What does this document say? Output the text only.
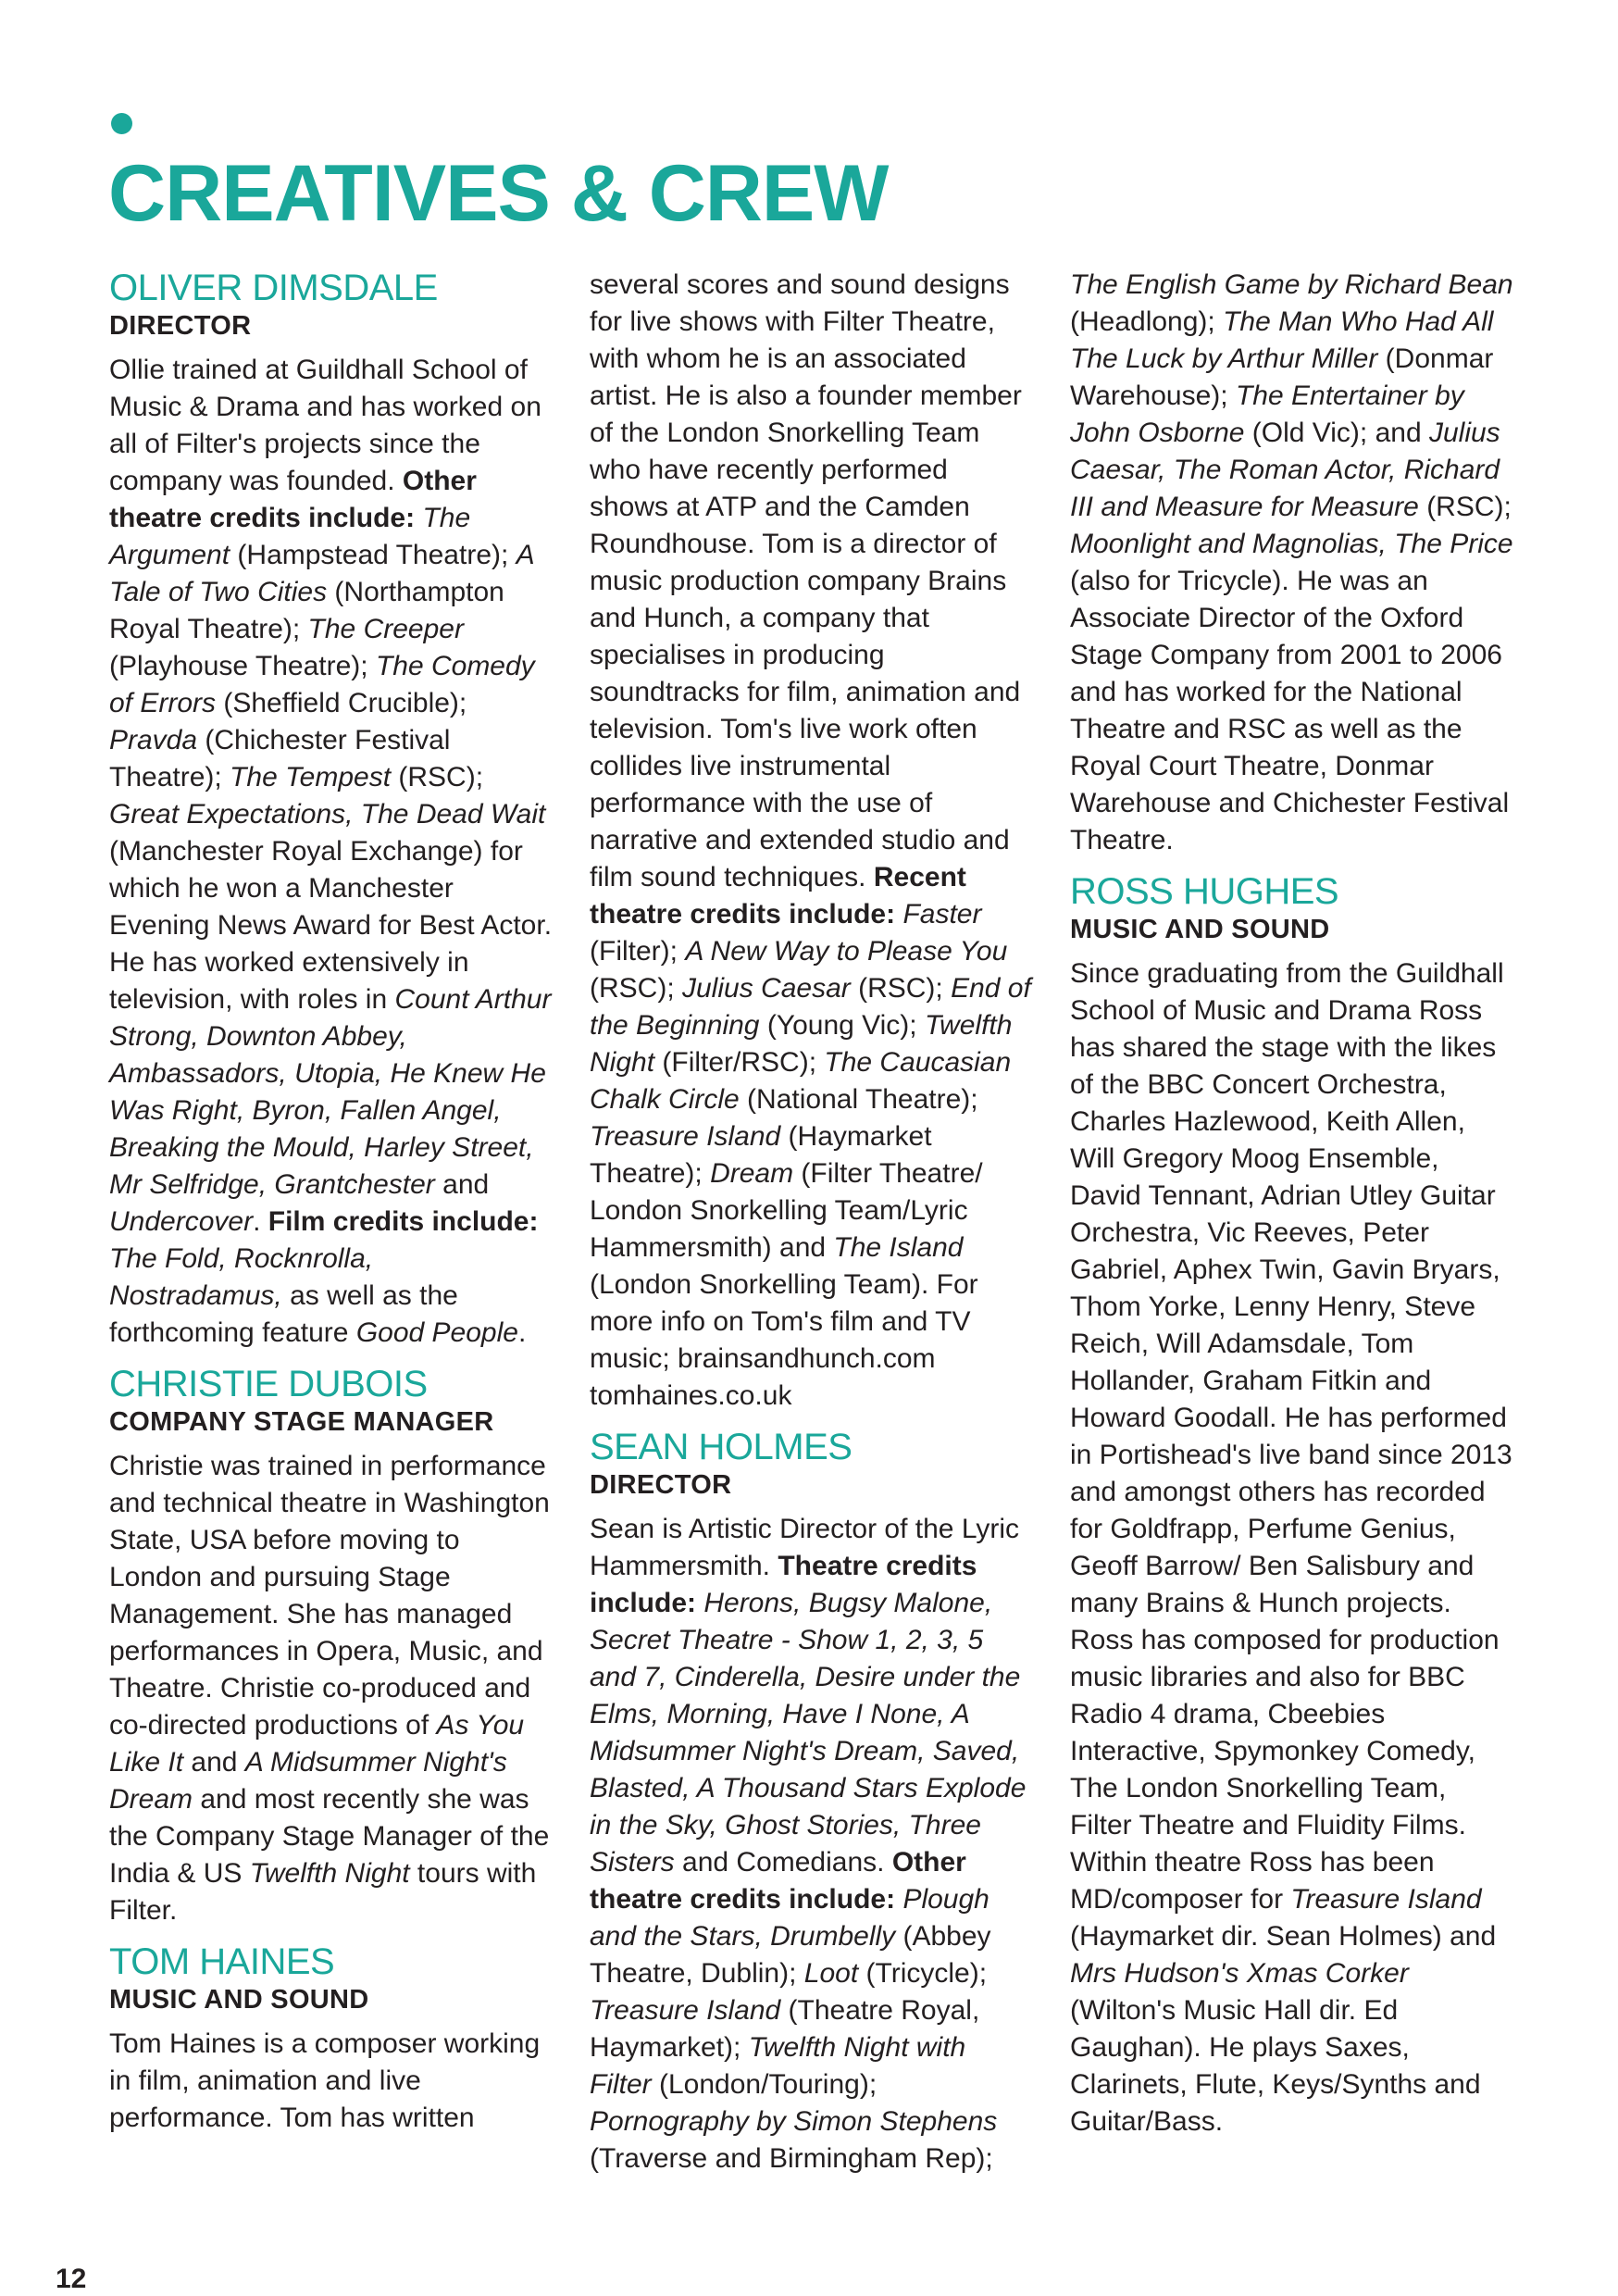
CREATIVES & CREW
OLIVER DIMSDALE
DIRECTOR

Ollie trained at Guildhall School of Music & Drama and has worked on all of Filter's projects since the company was founded. Other theatre credits include: The Argument (Hampstead Theatre); A Tale of Two Cities (Northampton Royal Theatre); The Creeper (Playhouse Theatre); The Comedy of Errors (Sheffield Crucible); Pravda (Chichester Festival Theatre); The Tempest (RSC); Great Expectations, The Dead Wait (Manchester Royal Exchange) for which he won a Manchester Evening News Award for Best Actor. He has worked extensively in television, with roles in Count Arthur Strong, Downton Abbey, Ambassadors, Utopia, He Knew He Was Right, Byron, Fallen Angel, Breaking the Mould, Harley Street, Mr Selfridge, Grantchester and Undercover. Film credits include: The Fold, Rocknrolla, Nostradamus, as well as the forthcoming feature Good People.

CHRISTIE DUBOIS
COMPANY STAGE MANAGER

Christie was trained in performance and technical theatre in Washington State, USA before moving to London and pursuing Stage Management. She has managed performances in Opera, Music, and Theatre. Christie co-produced and co-directed productions of As You Like It and A Midsummer Night's Dream and most recently she was the Company Stage Manager of the India & US Twelfth Night tours with Filter.

TOM HAINES
MUSIC AND SOUND

Tom Haines is a composer working in film, animation and live performance. Tom has written

several scores and sound designs for live shows with Filter Theatre, with whom he is an associated artist. He is also a founder member of the London Snorkelling Team who have recently performed shows at ATP and the Camden Roundhouse. Tom is a director of music production company Brains and Hunch, a company that specialises in producing soundtracks for film, animation and television. Tom's live work often collides live instrumental performance with the use of narrative and extended studio and film sound techniques. Recent theatre credits include: Faster (Filter); A New Way to Please You (RSC); Julius Caesar (RSC); End of the Beginning (Young Vic); Twelfth Night (Filter/RSC); The Caucasian Chalk Circle (National Theatre); Treasure Island (Haymarket Theatre); Dream (Filter Theatre/ London Snorkelling Team/Lyric Hammersmith) and The Island (London Snorkelling Team). For more info on Tom's film and TV music; brainsandhunch.com tomhaines.co.uk

SEAN HOLMES
DIRECTOR

Sean is Artistic Director of the Lyric Hammersmith. Theatre credits include: Herons, Bugsy Malone, Secret Theatre - Show 1, 2, 3, 5 and 7, Cinderella, Desire under the Elms, Morning, Have I None, A Midsummer Night's Dream, Saved, Blasted, A Thousand Stars Explode in the Sky, Ghost Stories, Three Sisters and Comedians. Other theatre credits include: Plough and the Stars, Drumbelly (Abbey Theatre, Dublin); Loot (Tricycle); Treasure Island (Theatre Royal, Haymarket); Twelfth Night with Filter (London/Touring); Pornography by Simon Stephens (Traverse and Birmingham Rep);

The English Game by Richard Bean (Headlong); The Man Who Had All The Luck by Arthur Miller (Donmar Warehouse); The Entertainer by John Osborne (Old Vic); and Julius Caesar, The Roman Actor, Richard III and Measure for Measure (RSC); Moonlight and Magnolias, The Price (also for Tricycle). He was an Associate Director of the Oxford Stage Company from 2001 to 2006 and has worked for the National Theatre and RSC as well as the Royal Court Theatre, Donmar Warehouse and Chichester Festival Theatre.

ROSS HUGHES
MUSIC AND SOUND

Since graduating from the Guildhall School of Music and Drama Ross has shared the stage with the likes of the BBC Concert Orchestra, Charles Hazlewood, Keith Allen, Will Gregory Moog Ensemble, David Tennant, Adrian Utley Guitar Orchestra, Vic Reeves, Peter Gabriel, Aphex Twin, Gavin Bryars, Thom Yorke, Lenny Henry, Steve Reich, Will Adamsdale, Tom Hollander, Graham Fitkin and Howard Goodall. He has performed in Portishead's live band since 2013 and amongst others has recorded for Goldfrapp, Perfume Genius, Geoff Barrow/ Ben Salisbury and many Brains & Hunch projects. Ross has composed for production music libraries and also for BBC Radio 4 drama, Cbeebies Interactive, Spymonkey Comedy, The London Snorkelling Team, Filter Theatre and Fluidity Films. Within theatre Ross has been MD/composer for Treasure Island (Haymarket dir. Sean Holmes) and Mrs Hudson's Xmas Corker (Wilton's Music Hall dir. Ed Gaughan). He plays Saxes, Clarinets, Flute, Keys/Synths and Guitar/Bass.

12
